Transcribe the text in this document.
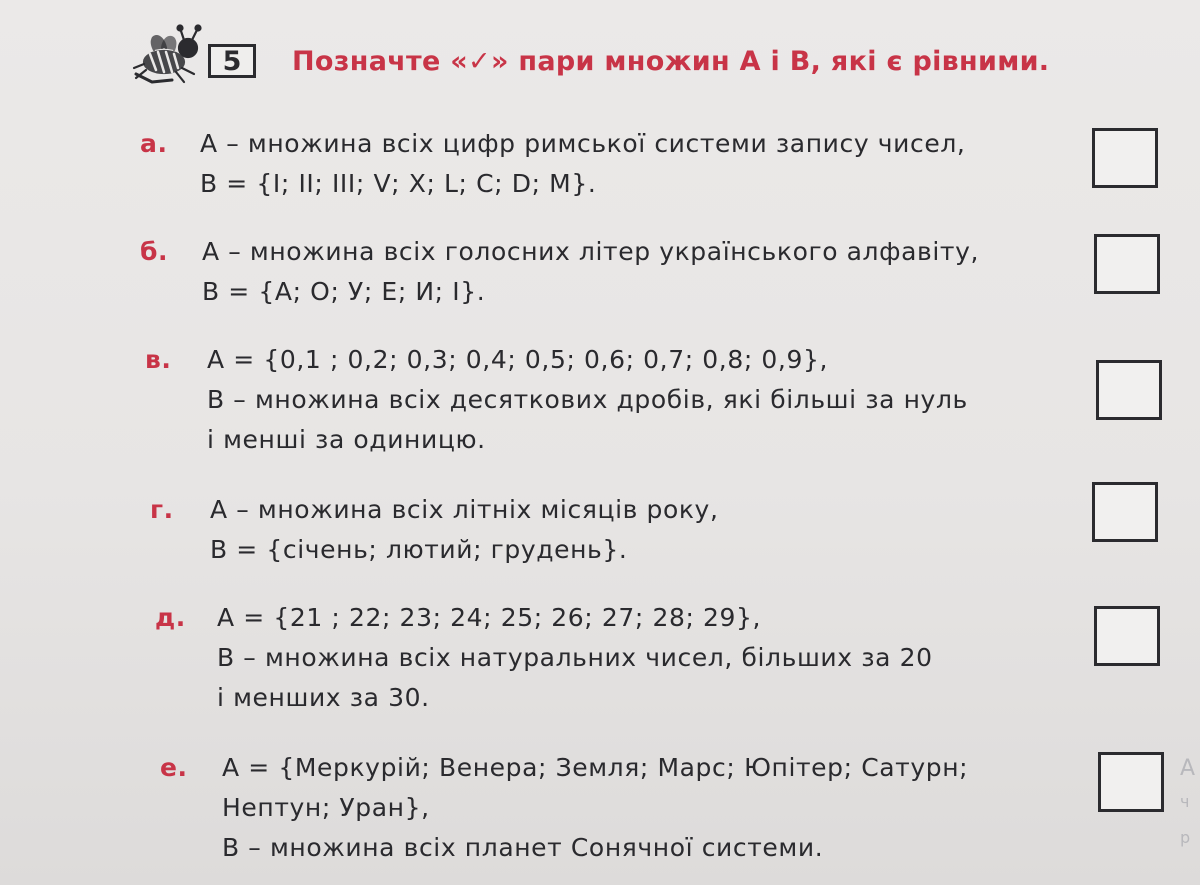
5	Позначте «✓» пари множин А і В, які є рівними.
а. А – множина всіх цифр римської системи запису чисел,
В = {I; II; III; V; X; L; C; D; M}.
б. А – множина всіх голосних літер українського алфавіту,
В = {А; О; У; Е; И; І}.
в. А = {0,1 ; 0,2; 0,3; 0,4; 0,5; 0,6; 0,7; 0,8; 0,9},
В – множина всіх десяткових дробів, які більші за нуль
і менші за одиницю.
г. А – множина всіх літніх місяців року,
В = {січень; лютий; грудень}.
д. А = {21 ; 22; 23; 24; 25; 26; 27; 28; 29},
В – множина всіх натуральних чисел, більших за 20
і менших за 30.
е. А = {Меркурій; Венера; Земля; Марс; Юпітер; Сатурн;
Нептун; Уран},
В – множина всіх планет Сонячної системи.
А
ч
р
